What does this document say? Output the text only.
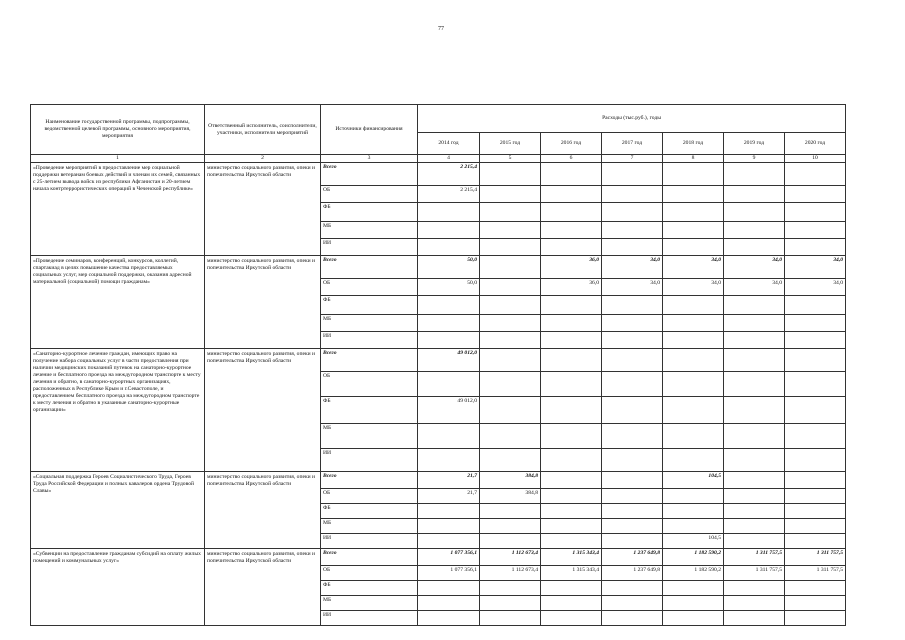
77
Наименование государственной программы, подпрограммы, ведомственной целевой программы, основного мероприятия, мероприятия	Ответственный исполнитель, соисполнители, участники, исполнители мероприятий	Источники финансирования	Расходы (тыс.руб.), годы						
			2014 год	2015 год	2016 год	2017 год	2018 год	2019 год	2020 год
1	2	3	4	5	6	7	8	9	10
«Проведение мероприятий в предоставление мер социальной поддержки ветеранам боевых действий и членам их семей, связанных с 25-летием вывода войск из республики Афганистан и 20-летием начала контртеррористических операций в Чеченской республике»	министерство социального развития, опеки и попечительства Иркутской области	Всего	2 215,4						
		ОБ	2 215,4						
		ФБ							
		МБ							
		ИИ							
«Проведение семинаров, конференций, конкурсов, коллегий, спартакиад в целях повышение качества предоставляемых социальных услуг, мер социальной поддержки, оказания адресной материальной (социальной) помощи гражданам»	министерство социального развития, опеки и попечительства Иркутской области	Всего	50,0		36,0	34,0	34,0	34,0	34,0
		ОБ	50,0		36,0	34,0	34,0	34,0	34,0
		ФБ							
		МБ							
		ИИ							
«Санаторно-курортное лечение граждан, имеющих право на получение набора социальных услуг в части предоставления при наличии медицинских показаний путевок на санаторно-курортное лечение и бесплатного проезда на междугородном транспорте к месту лечения и обратно, в санаторно-курортных организациях, расположенных в Республике Крым и г.Севастополе, и предоставлением бесплатного проезда на междугородном транспорте к месту лечения и обратно в указанные санаторно-курортные организации»	министерство социального развития, опеки и попечительства Иркутской области	Всего	49 012,0						
		ОБ							
		ФБ	49 012,0						
		МБ							
		ИИ							
«Социальная поддержка Героев Социалистического Труда, Героев Труда Российской Федерации и полных кавалеров ордена Трудовой Славы»	министерство социального развития, опеки и попечительства Иркутской области	Всего	21,7	384,8			104,5		
		ОБ	21,7	384,8					
		ФБ							
		МБ							
		ИИ					104,5		
«Субвенции на предоставление гражданам субсидий на оплату жилых помещений и коммунальных услуг»	министерство социального развития, опеки и попечительства Иркутской области	Всего	1 077 356,1	1 112 673,4	1 315 343,4	1 237 649,8	1 182 590,2	1 311 757,5	1 311 757,5
		ОБ	1 077 356,1	1 112 673,4	1 315 343,4	1 237 649,8	1 182 590,2	1 311 757,5	1 311 757,5
		ФБ							
		МБ							
		ИИ							
